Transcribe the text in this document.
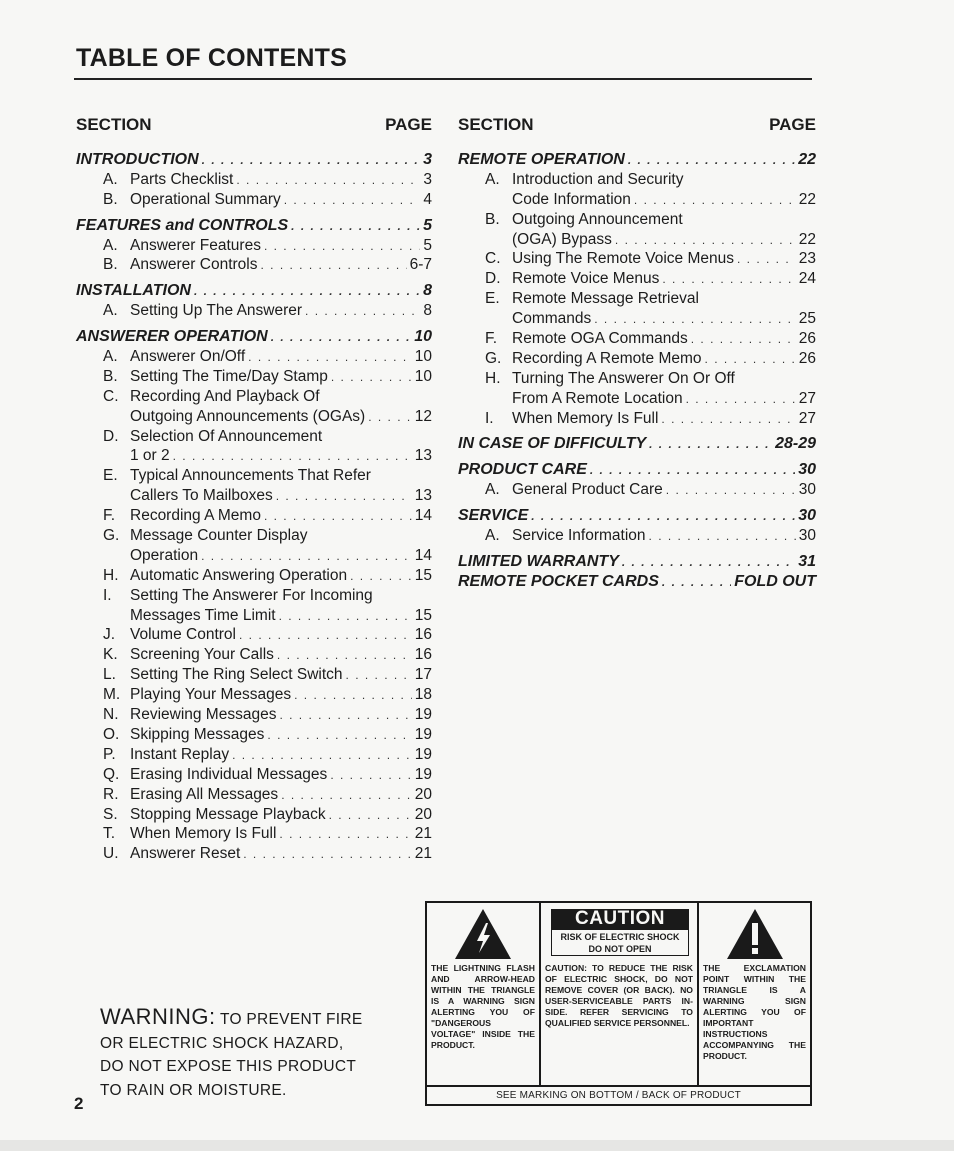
TABLE OF CONTENTS
SECTION	PAGE
INTRODUCTION . . .	3
A. Parts Checklist . . .	3
B. Operational Summary . . .	4
FEATURES and CONTROLS . . .	5
A. Answerer Features . . .	5
B. Answerer Controls . . .	6-7
INSTALLATION . . .	8
A. Setting Up The Answerer . . .	8
ANSWERER OPERATION . . .	10
A. Answerer On/Off . . .	10
B. Setting The Time/Day Stamp . . .	10
C. Recording And Playback Of
Outgoing Announcements (OGAs) . . .	12
D. Selection Of Announcement
1 or 2 . . .	13
E. Typical Announcements That Refer
Callers To Mailboxes . . .	13
F. Recording A Memo . . .	14
G. Message Counter Display
Operation . . .	14
H. Automatic Answering Operation . . .	15
I.	Setting The Answerer For Incoming
Messages Time Limit . . .	15
J. Volume Control . . .	16
K. Screening Your Calls . . .	16
L. Setting The Ring Select Switch . . .	17
M. Playing Your Messages . . .	18
N. Reviewing Messages . . .	19
O. Skipping Messages . . .	19
P. Instant Replay . . .	19
Q. Erasing Individual Messages . . .	19
R. Erasing All Messages . . .	20
S. Stopping Message Playback . . .	20
T. When Memory Is Full . . .	21
U. Answerer Reset . . .	21
SECTION	PAGE
REMOTE OPERATION . . .	22
A. Introduction and Security
Code Information . . .	22
B. Outgoing Announcement
(OGA) Bypass . . .	22
C. Using The Remote Voice Menus . . .	23
D. Remote Voice Menus . . .	24
E. Remote Message Retrieval
Commands . . .	25
F. Remote OGA Commands . . .	26
G. Recording A Remote Memo . . .	26
H. Turning The Answerer On Or Off
From A Remote Location . . .	27
I.	When Memory Is Full . . .	27
IN CASE OF DIFFICULTY . . .	28-29
PRODUCT CARE . . .	30
A. General Product Care . . .	30
SERVICE . . .	30
A. Service Information . . .	30
LIMITED WARRANTY . . .	31
REMOTE POCKET CARDS . . .	FOLD OUT
WARNING: TO PREVENT FIRE
OR ELECTRIC SHOCK HAZARD,
DO NOT EXPOSE THIS PRODUCT
TO RAIN OR MOISTURE.
2
THE LIGHTNING FLASH AND ARROW-HEAD WITHIN THE TRIANGLE IS A WARNING SIGN ALERTING YOU OF "DANGEROUS VOLTAGE" INSIDE THE PRODUCT.
CAUTION
RISK OF ELECTRIC SHOCK
DO NOT OPEN
CAUTION: TO REDUCE THE RISK OF ELECTRIC SHOCK, DO NOT REMOVE COVER (OR BACK). NO USER-SERVICEABLE PARTS IN-SIDE. REFER SERVICING TO QUALIFIED SERVICE PERSONNEL.
THE EXCLAMATION POINT WITHIN THE TRIANGLE IS A WARNING SIGN ALERTING YOU OF IMPORTANT INSTRUCTIONS ACCOMPANYING THE PRODUCT.
SEE MARKING ON BOTTOM / BACK OF PRODUCT
